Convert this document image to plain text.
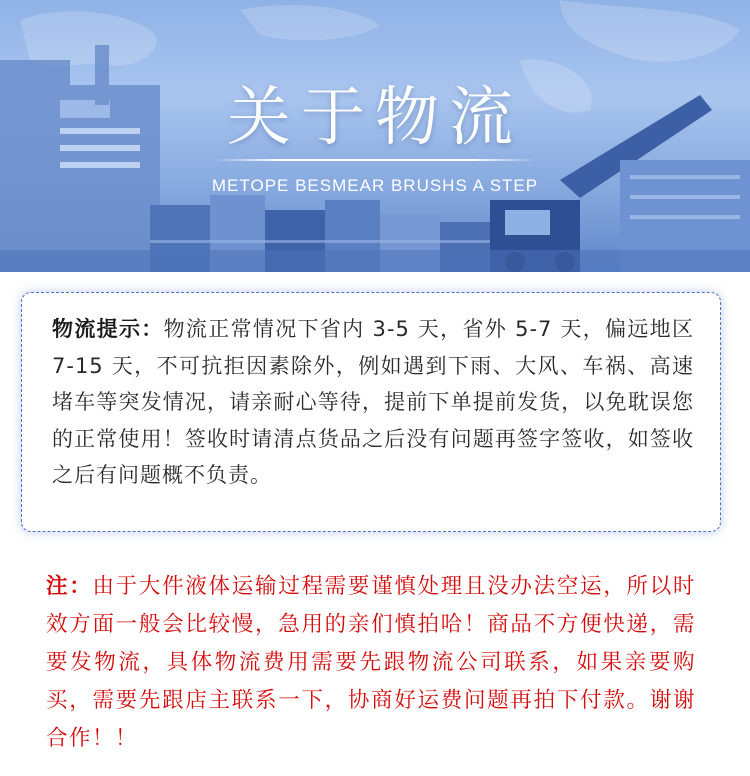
关于物流
METOPE BESMEAR BRUSHS A STEP

物流提示：物流正常情况下省内 3-5 天，省外 5-7 天，偏远地区 7-15 天，不可抗拒因素除外，例如遇到下雨、大风、车祸、高速堵车等突发情况，请亲耐心等待，提前下单提前发货，以免耽误您的正常使用！签收时请清点货品之后没有问题再签字签收，如签收之后有问题概不负责。

注：由于大件液体运输过程需要谨慎处理且没办法空运，所以时效方面一般会比较慢，急用的亲们慎拍哈！商品不方便快递，需要发物流，具体物流费用需要先跟物流公司联系，如果亲要购买，需要先跟店主联系一下，协商好运费问题再拍下付款。谢谢合作！！
